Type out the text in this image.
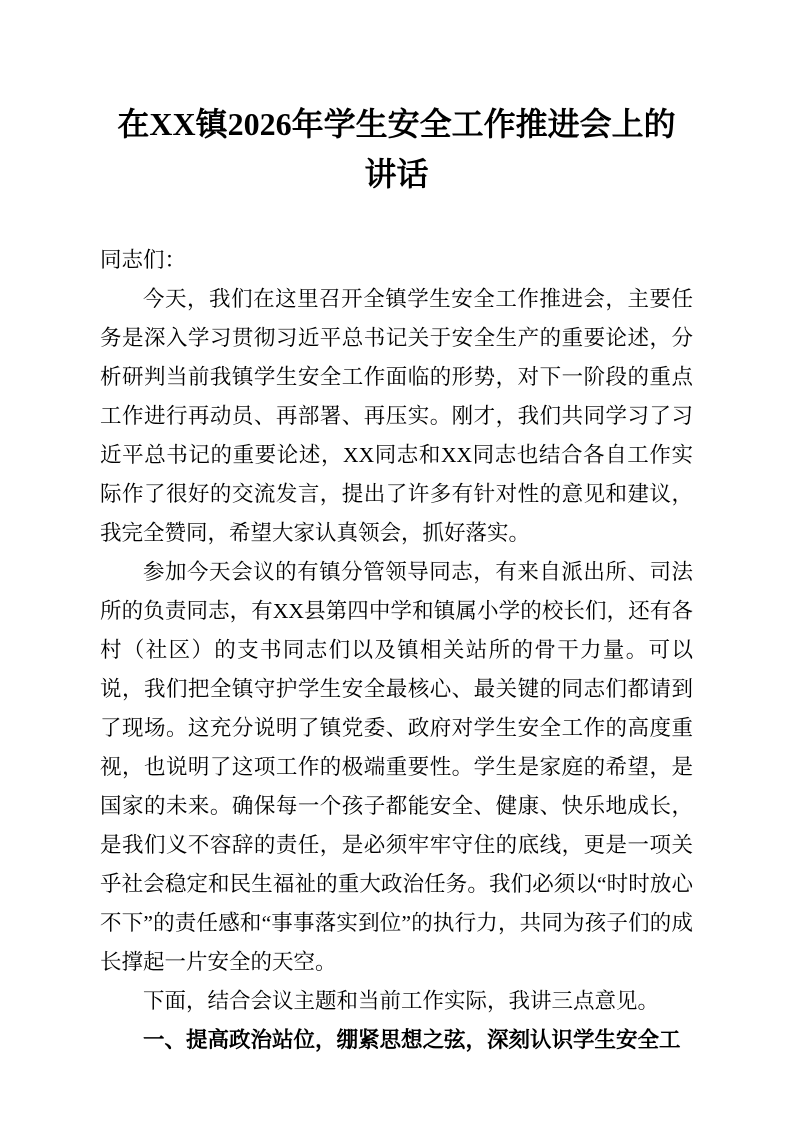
在XX镇2026年学生安全工作推进会上的讲话

同志们：

今天，我们在这里召开全镇学生安全工作推进会，主要任务是深入学习贯彻习近平总书记关于安全生产的重要论述，分析研判当前我镇学生安全工作面临的形势，对下一阶段的重点工作进行再动员、再部署、再压实。刚才，我们共同学习了习近平总书记的重要论述，XX同志和XX同志也结合各自工作实际作了很好的交流发言，提出了许多有针对性的意见和建议，我完全赞同，希望大家认真领会，抓好落实。

参加今天会议的有镇分管领导同志，有来自派出所、司法所的负责同志，有XX县第四中学和镇属小学的校长们，还有各村（社区）的支书同志们以及镇相关站所的骨干力量。可以说，我们把全镇守护学生安全最核心、最关键的同志们都请到了现场。这充分说明了镇党委、政府对学生安全工作的高度重视，也说明了这项工作的极端重要性。学生是家庭的希望，是国家的未来。确保每一个孩子都能安全、健康、快乐地成长，是我们义不容辞的责任，是必须牢牢守住的底线，更是一项关乎社会稳定和民生福祉的重大政治任务。我们必须以“时时放心不下”的责任感和“事事落实到位”的执行力，共同为孩子们的成长撑起一片安全的天空。

下面，结合会议主题和当前工作实际，我讲三点意见。

一、提高政治站位，绷紧思想之弦，深刻认识学生安全工
